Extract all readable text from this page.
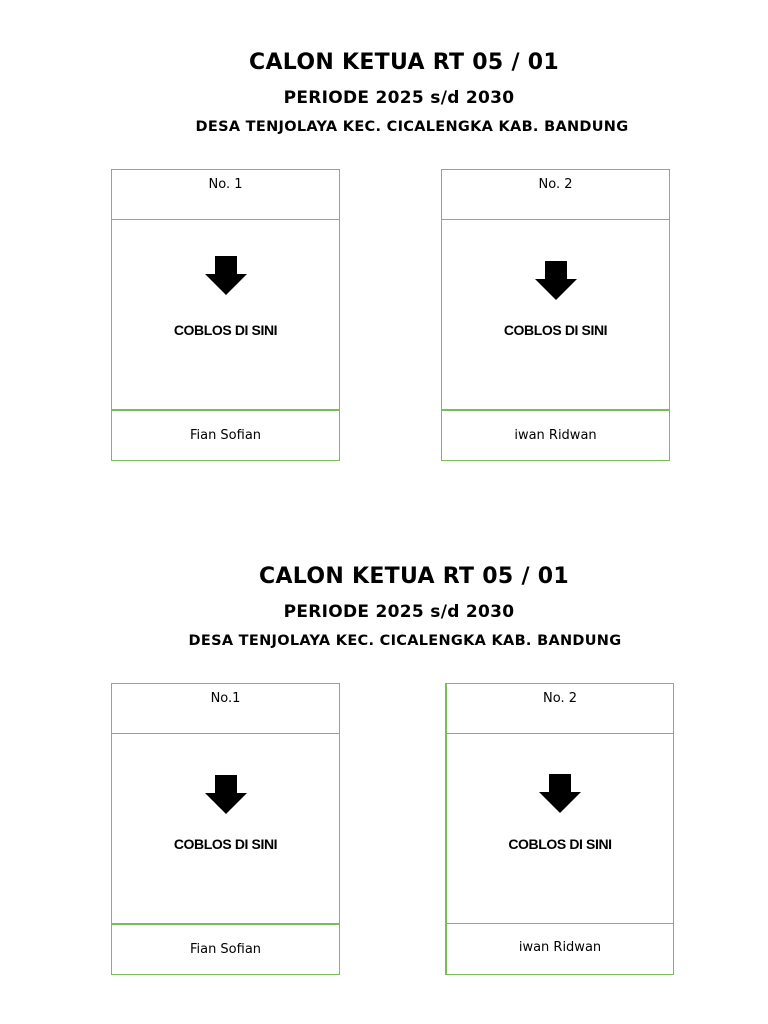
CALON KETUA RT 05 / 01
PERIODE 2025 s/d 2030
DESA TENJOLAYA KEC. CICALENGKA KAB. BANDUNG
No. 1
COBLOS DI SINI
Fian Sofian
No. 2
COBLOS DI SINI
iwan Ridwan
CALON KETUA RT 05 / 01
PERIODE 2025 s/d 2030
DESA TENJOLAYA KEC. CICALENGKA KAB. BANDUNG
No.1
COBLOS DI SINI
Fian Sofian
No. 2
COBLOS DI SINI
iwan Ridwan
